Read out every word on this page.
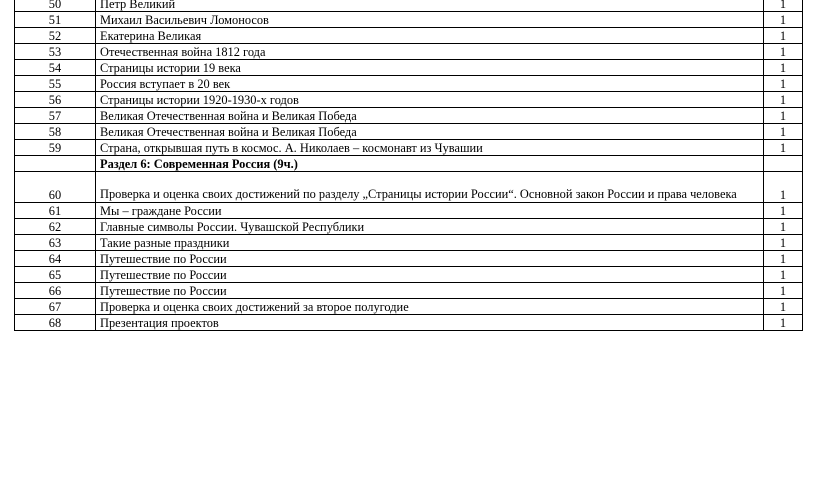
50	Петр Великий	1
51	Михаил Васильевич Ломоносов	1
52	Екатерина Великая	1
53	Отечественная война 1812 года	1
54	Страницы истории 19 века	1
55	Россия вступает в 20 век	1
56	Страницы истории 1920-1930-х годов	1
57	Великая Отечественная война и Великая Победа	1
58	Великая Отечественная война и Великая Победа	1
59	Страна, открывшая путь в космос. А. Николаев – космонавт из Чувашии	1
	Раздел 6: Современная Россия (9ч.)	
60	Проверка и оценка своих достижений по разделу „Страницы истории России“. Основной закон России и права человека	1
61	Мы – граждане России	1
62	Главные символы России. Чувашской Республики	1
63	Такие разные праздники	1
64	Путешествие по России	1
65	Путешествие по России	1
66	Путешествие по России	1
67	Проверка и оценка своих достижений за второе полугодие	1
68	Презентация проектов	1
